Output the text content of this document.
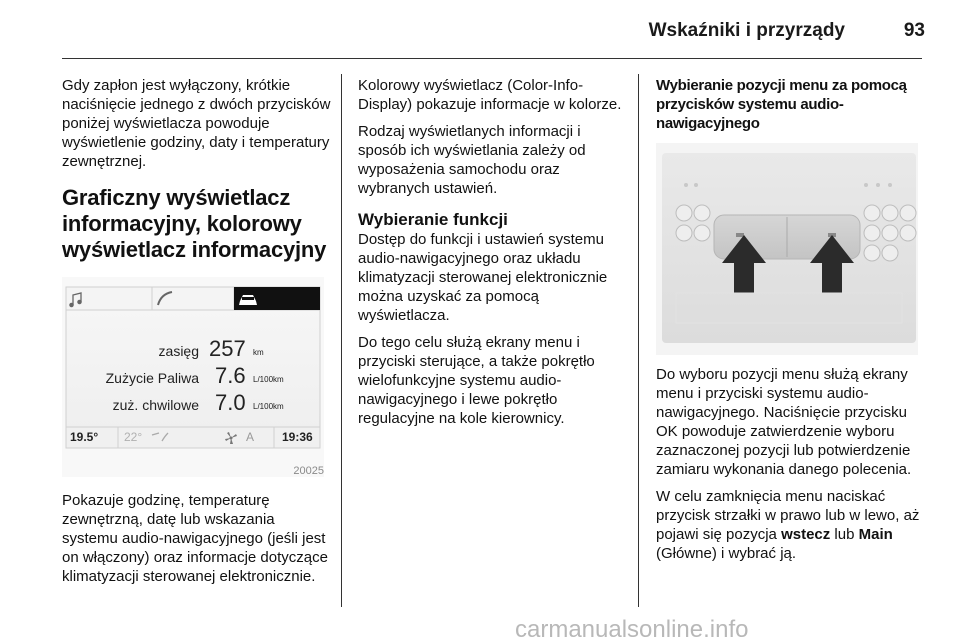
Wskaźniki i przyrządy	93

Gdy zapłon jest wyłączony, krótkie naciśnięcie jednego z dwóch przycisków poniżej wyświetlacza powoduje wyświetlenie godziny, daty i temperatury zewnętrznej.

Graficzny wyświetlacz informacyjny, kolorowy wyświetlacz informacyjny
zasięg 257 km
Zużycie Paliwa 7.6 L/100km
zuż. chwilowe 7.0 L/100km
19.5° 22°	A 19:36
20025

Pokazuje godzinę, temperaturę zewnętrzną, datę lub wskazania systemu audio-nawigacyjnego (jeśli jest on włączony) oraz informacje dotyczące klimatyzacji sterowanej elektronicznie.

Kolorowy wyświetlacz (Color-Info-Display) pokazuje informacje w kolorze.

Rodzaj wyświetlanych informacji i sposób ich wyświetlania zależy od wyposażenia samochodu oraz wybranych ustawień.

Wybieranie funkcji

Dostęp do funkcji i ustawień systemu audio-nawigacyjnego oraz układu klimatyzacji sterowanej elektronicznie można uzyskać za pomocą wyświetlacza.

Do tego celu służą ekrany menu i przyciski sterujące, a także pokrętło wielofunkcyjne systemu audio-nawigacyjnego i lewe pokrętło regulacyjne na kole kierownicy.

Wybieranie pozycji menu za pomocą przycisków systemu audio-nawigacyjnego

Do wyboru pozycji menu służą ekrany menu i przyciski systemu audio-nawigacyjnego. Naciśnięcie przycisku OK powoduje zatwierdzenie wyboru zaznaczonej pozycji lub potwierdzenie zamiaru wykonania danego polecenia.

W celu zamknięcia menu naciskać przycisk strzałki w prawo lub w lewo, aż pojawi się pozycja wstecz lub Main (Główne) i wybrać ją.

carmanualsonline.info
